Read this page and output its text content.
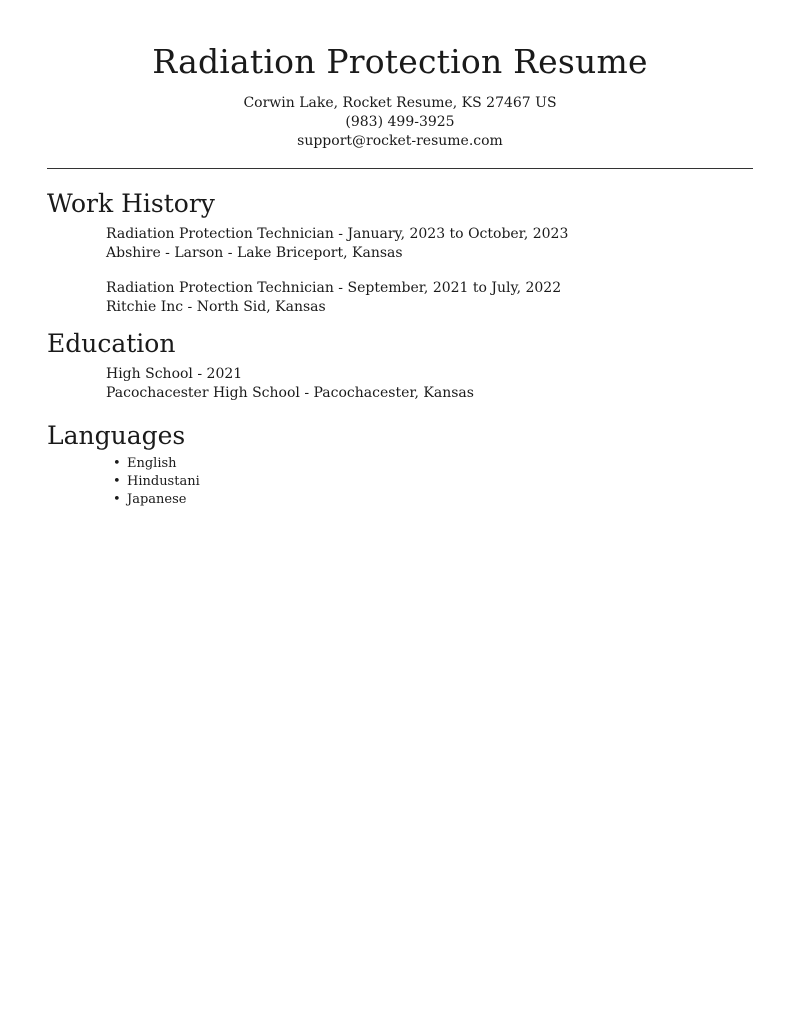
Radiation Protection Resume
Corwin Lake, Rocket Resume, KS 27467 US
(983) 499-3925
support@rocket-resume.com
Work History
Radiation Protection Technician - January, 2023 to October, 2023
Abshire - Larson - Lake Briceport, Kansas
Radiation Protection Technician - September, 2021 to July, 2022
Ritchie Inc - North Sid, Kansas
Education
High School - 2021
Pacochacester High School - Pacochacester, Kansas
Languages
• English
• Hindustani
• Japanese
